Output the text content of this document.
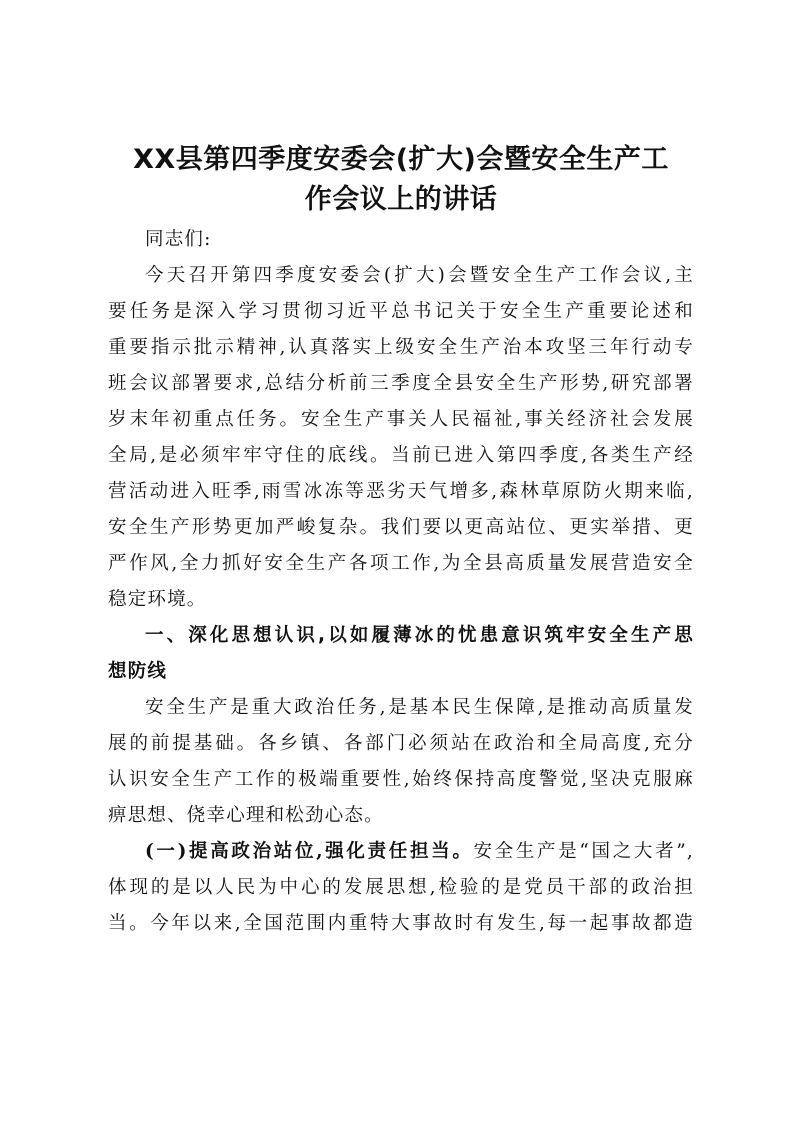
XX县第四季度安委会(扩大)会暨安全生产工
作会议上的讲话

同志们:

今天召开第四季度安委会(扩大)会暨安全生产工作会议,主
要任务是深入学习贯彻习近平总书记关于安全生产重要论述和
重要指示批示精神,认真落实上级安全生产治本攻坚三年行动专
班会议部署要求,总结分析前三季度全县安全生产形势,研究部署
岁末年初重点任务。安全生产事关人民福祉,事关经济社会发展
全局,是必须牢牢守住的底线。当前已进入第四季度,各类生产经
营活动进入旺季,雨雪冰冻等恶劣天气增多,森林草原防火期来临,
安全生产形势更加严峻复杂。我们要以更高站位、更实举措、更
严作风,全力抓好安全生产各项工作,为全县高质量发展营造安全
稳定环境。

一、深化思想认识,以如履薄冰的忧患意识筑牢安全生产思
想防线

安全生产是重大政治任务,是基本民生保障,是推动高质量发
展的前提基础。各乡镇、各部门必须站在政治和全局高度,充分
认识安全生产工作的极端重要性,始终保持高度警觉,坚决克服麻
痹思想、侥幸心理和松劲心态。

(一)提高政治站位,强化责任担当。安全生产是“国之大者”,
体现的是以人民为中心的发展思想,检验的是党员干部的政治担
当。今年以来,全国范围内重特大事故时有发生,每一起事故都造
